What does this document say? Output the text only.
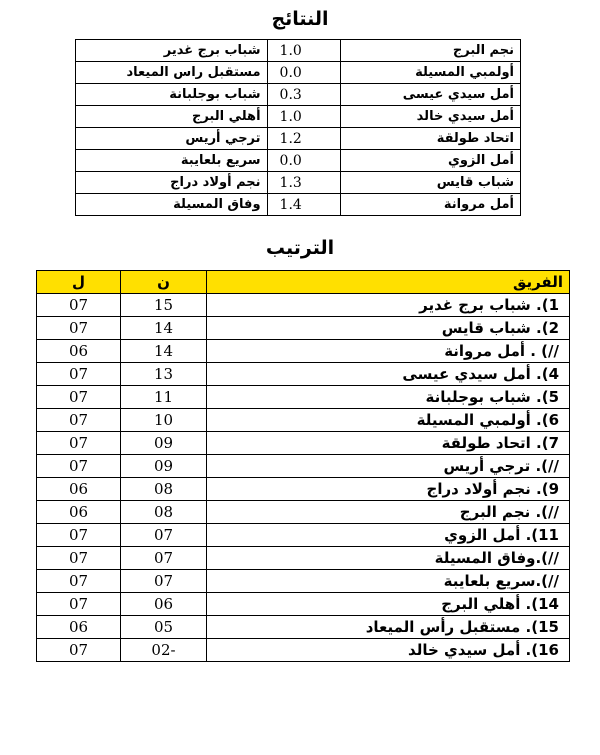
النتائج
شباب برج غدير	1.0	نجم البرج
مستقبل راس الميعاد	0.0	أولمبي المسيلة
شباب بوجلبانة	0.3	أمل سيدي عيسى
أهلي البرج	1.0	أمل سيدي خالد
ترجي أريس	1.2	اتحاد طولقة
سريع بلعايبة	0.0	أمل الزوي
نجم أولاد دراج	1.3	شباب قايس
وفاق المسيلة	1.4	أمل مروانة
الترتيب
ل	ن	الفريق
07	15	1). شباب برج غدير
07	14	2). شباب قايس
06	14	//) . أمل مروانة
07	13	4). أمل سيدي عيسى
07	11	5). شباب بوجلبانة
07	10	6). أولمبي المسيلة
07	09	7). اتحاد طولقة
07	09	//). ترجي أريس
06	08	9). نجم أولاد دراج
06	08	//). نجم البرج
07	07	11). أمل الزوي
07	07	//).وفاق المسيلة
07	07	//).سريع بلعايبة
07	06	14). أهلي البرج
06	05	15). مستقبل رأس الميعاد
07	02-	16). أمل سيدي خالد
